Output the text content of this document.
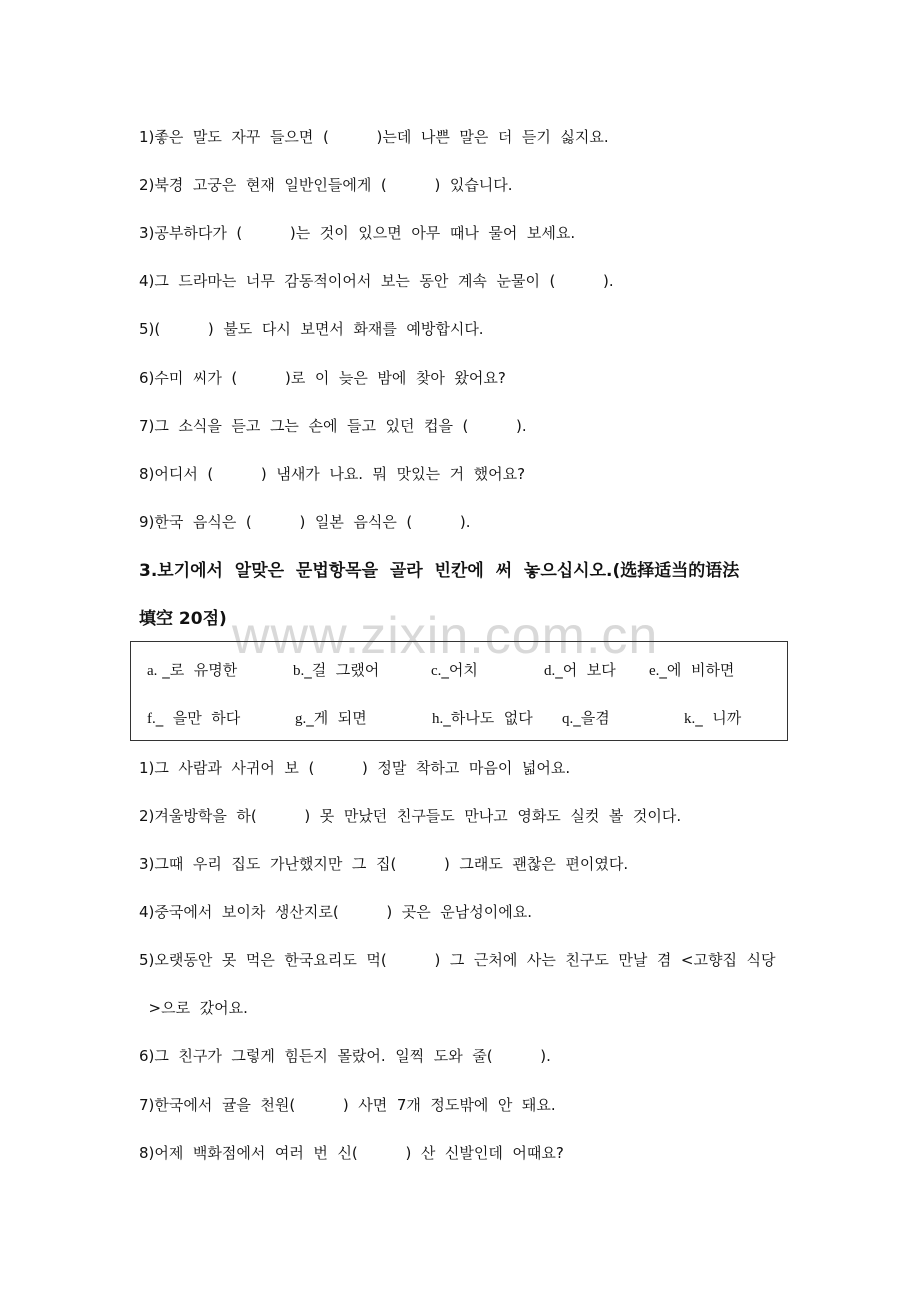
1)좋은  말도  자꾸  들으면  (          )는데  나쁜  말은  더  듣기  싫지요.
2)북경  고궁은  현재  일반인들에게  (          )  있습니다.
3)공부하다가  (          )는  것이  있으면  아무  때나  물어  보세요.
4)그  드라마는  너무  감동적이어서  보는  동안  계속  눈물이  (          ).
5)(          )  불도  다시  보면서  화재를  예방합시다.
6)수미  씨가  (          )로  이  늦은  밤에  찾아  왔어요?
7)그  소식을  듣고  그는  손에  들고  있던  컵을  (          ).
8)어디서  (          )  냄새가  나요.  뭐  맛있는  거  했어요?
9)한국  음식은  (          )  일본  음식은  (          ).
3.보기에서  알맞은  문법항목을  골라  빈칸에  써  놓으십시오.(选择适当的语法
填空 20점) www.zixin.com.cn
a. _로  유명한	b._걸  그랬어	c._어치	d._어  보다 e._에  비하면
f._  을만  하다	g._게  되면	h._하나도  없다 q._을겸	k._  니까
1)그  사람과  사귀어  보  (          )  정말  착하고  마음이  넓어요.
2)겨울방학을  하(          )  못  만났던  친구들도  만나고  영화도  실컷  볼  것이다.
3)그때  우리  집도  가난했지만  그  집(          )  그래도  괜찮은  편이였다.
4)중국에서  보이차  생산지로(          )  곳은  운남성이에요.
5)오랫동안  못  먹은  한국요리도  먹(          )  그  근처에  사는  친구도  만날  겸  <고향집  식당
>으로  갔어요.
6)그  친구가  그렇게  힘든지  몰랐어.  일찍  도와  줄(          ).
7)한국에서  귤을  천원(          )  사면  7개  정도밖에  안  돼요.
8)어제  백화점에서  여러  번  신(          )  산  신발인데  어때요?
